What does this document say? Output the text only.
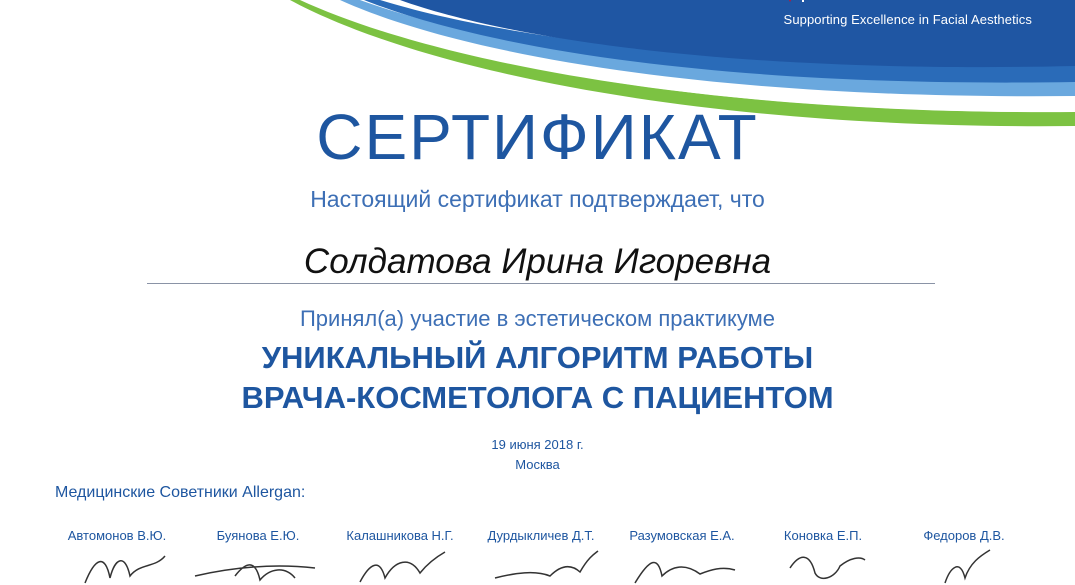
Supporting Excellence in Facial Aesthetics
СЕРТИФИКАТ
Настоящий сертификат подтверждает, что
Солдатова Ирина Игоревна
Принял(а) участие в эстетическом практикуме
УНИКАЛЬНЫЙ АЛГОРИТМ РАБОТЫ
ВРАЧА-КОСМЕТОЛОГА С ПАЦИЕНТОМ
19 июня 2018 г.
Москва
Медицинские Советники Allergan:
Автомонов В.Ю.	Буянова Е.Ю.	Калашникова Н.Г.	Дурдыкличев Д.Т.	Разумовская Е.А.	Коновка Е.П.	Федоров Д.В.
